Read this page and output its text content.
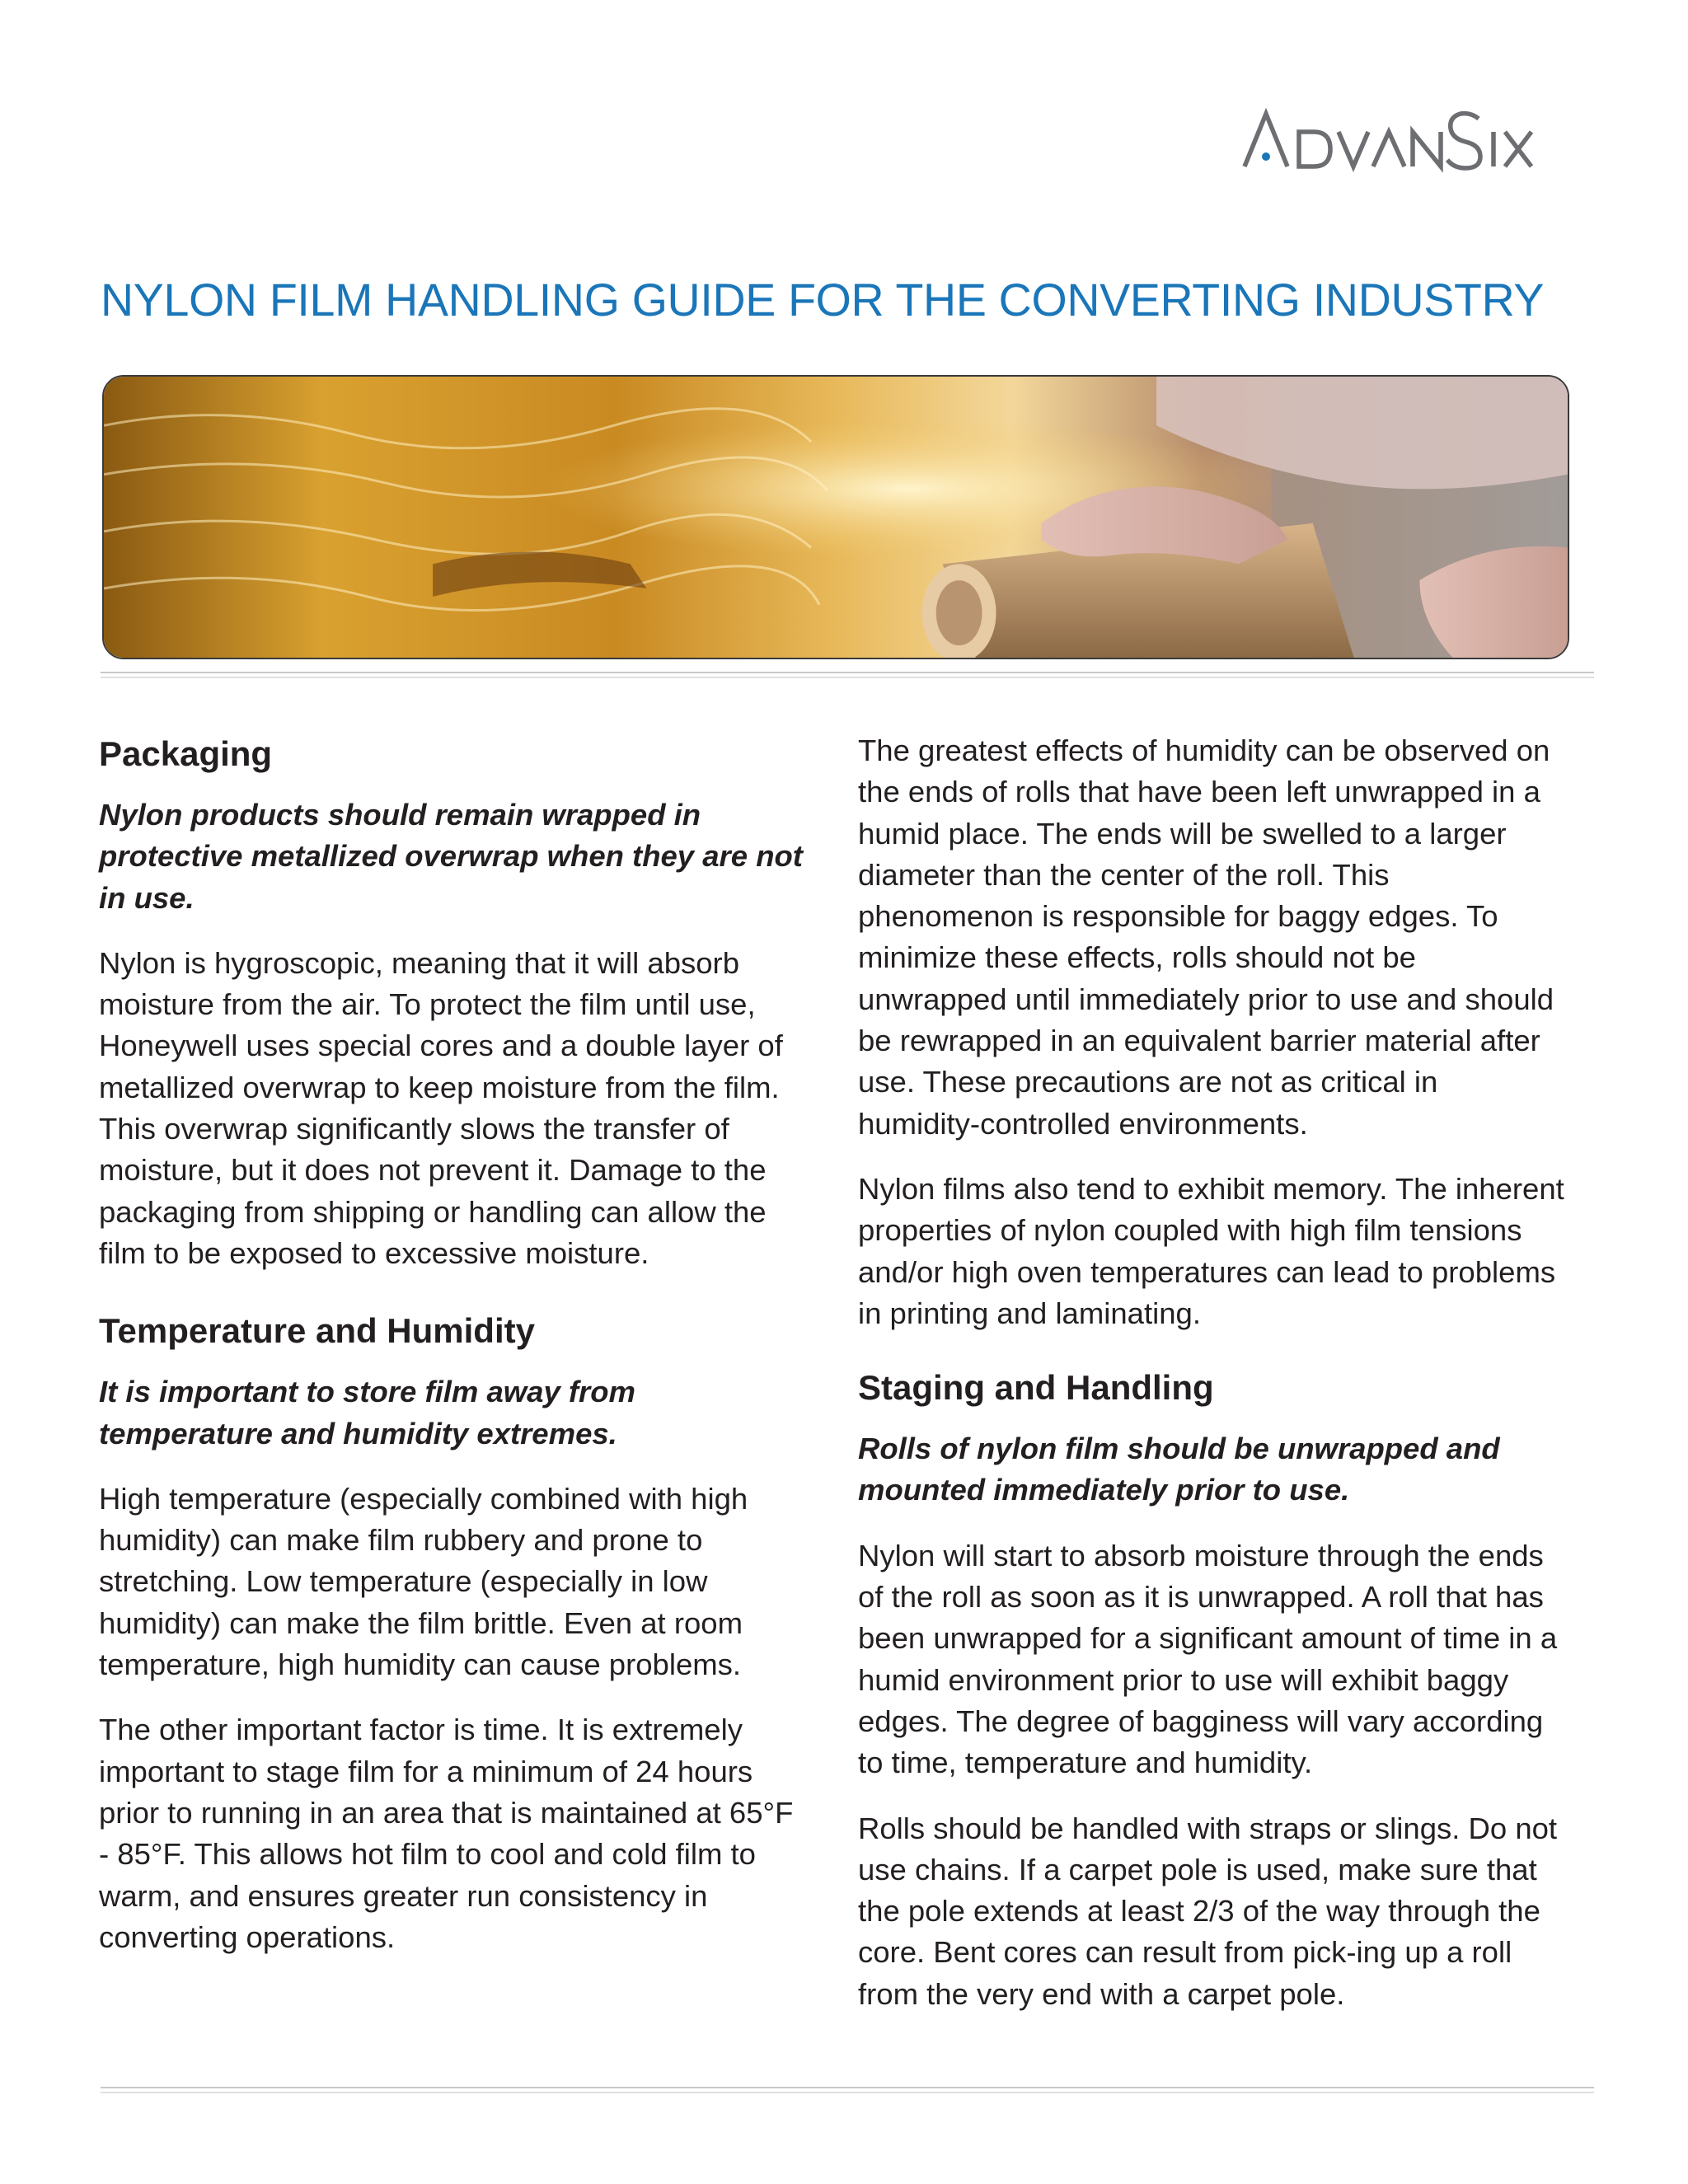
NYLON FILM HANDLING GUIDE FOR THE CONVERTING INDUSTRY
Packaging

Nylon products should remain wrapped in protective metallized overwrap when they are not in use.

Nylon is hygroscopic, meaning that it will absorb moisture from the air. To protect the film until use, Honeywell uses special cores and a double layer of metallized overwrap to keep moisture from the film. This overwrap significantly slows the transfer of moisture, but it does not prevent it. Damage to the packaging from shipping or handling can allow the film to be exposed to excessive moisture.

Temperature and Humidity

It is important to store film away from temperature and humidity extremes.

High temperature (especially combined with high humidity) can make film rubbery and prone to stretching. Low temperature (especially in low humidity) can make the film brittle. Even at room temperature, high humidity can cause problems.

The other important factor is time. It is extremely important to stage film for a minimum of 24 hours prior to running in an area that is maintained at 65°F - 85°F. This allows hot film to cool and cold film to warm, and ensures greater run consistency in converting operations.

The greatest effects of humidity can be observed on the ends of rolls that have been left unwrapped in a humid place. The ends will be swelled to a larger diameter than the center of the roll. This phenomenon is responsible for baggy edges. To minimize these effects, rolls should not be unwrapped until immediately prior to use and should be rewrapped in an equivalent barrier material after use. These precautions are not as critical in humidity-controlled environments.

Nylon films also tend to exhibit memory. The inherent properties of nylon coupled with high film tensions and/or high oven temperatures can lead to problems in printing and laminating.

Staging and Handling

Rolls of nylon film should be unwrapped and mounted immediately prior to use.

Nylon will start to absorb moisture through the ends of the roll as soon as it is unwrapped. A roll that has been unwrapped for a significant amount of time in a humid environment prior to use will exhibit baggy edges. The degree of bagginess will vary according to time, temperature and humidity.

Rolls should be handled with straps or slings. Do not use chains. If a carpet pole is used, make sure that the pole extends at least 2/3 of the way through the core. Bent cores can result from pick-ing up a roll from the very end with a carpet pole.
